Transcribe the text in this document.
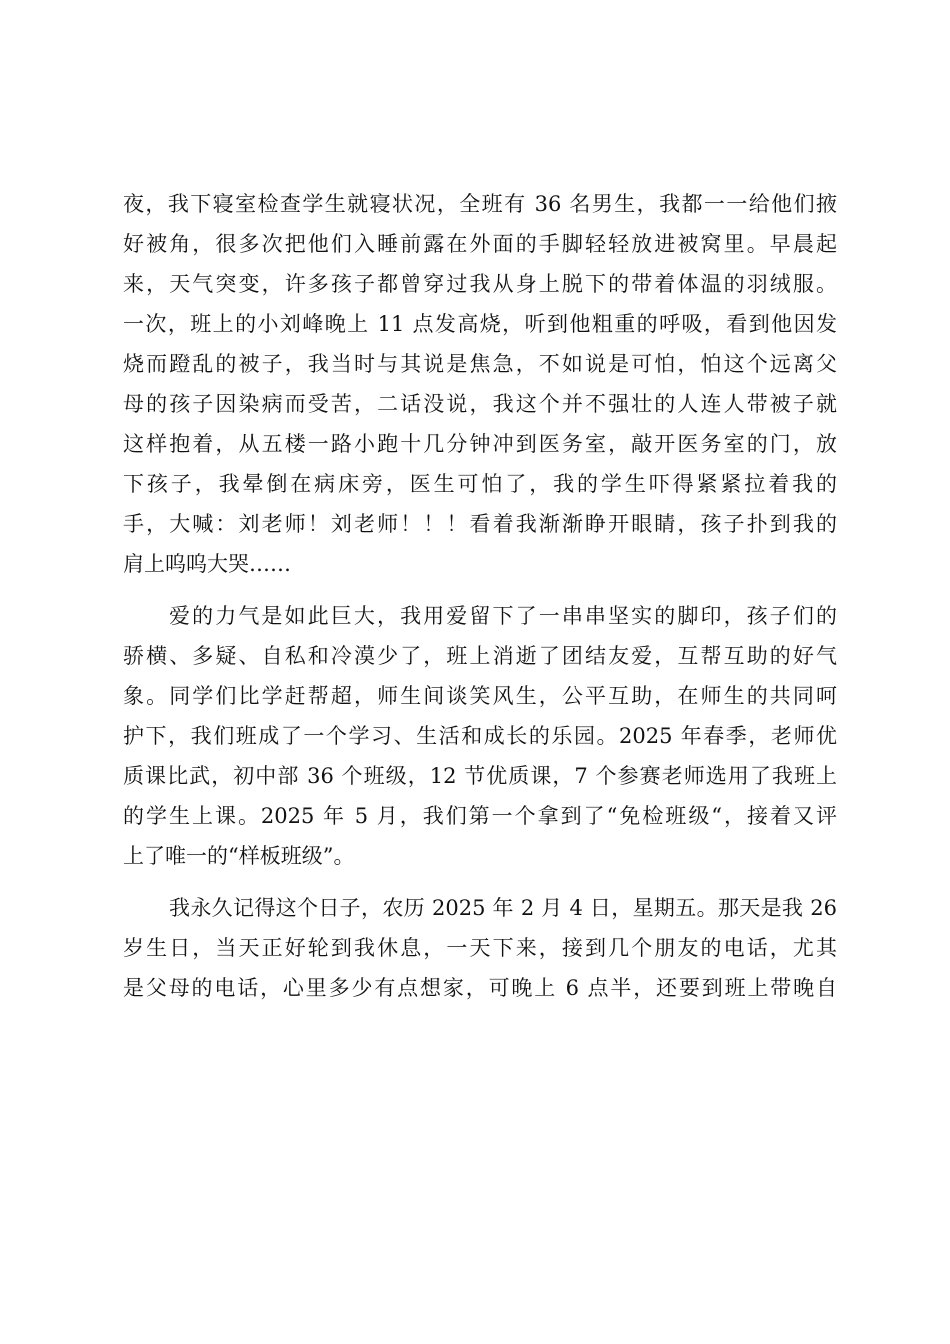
夜，我下寝室检查学生就寝状况，全班有 36 名男生，我都一一给他们掖
好被角，很多次把他们入睡前露在外面的手脚轻轻放进被窝里。早晨起
来，天气突变，许多孩子都曾穿过我从身上脱下的带着体温的羽绒服。
一次，班上的小刘峰晚上 11 点发高烧，听到他粗重的呼吸，看到他因发
烧而蹬乱的被子，我当时与其说是焦急，不如说是可怕，怕这个远离父
母的孩子因染病而受苦，二话没说，我这个并不强壮的人连人带被子就
这样抱着，从五楼一路小跑十几分钟冲到医务室，敲开医务室的门，放
下孩子，我晕倒在病床旁，医生可怕了，我的学生吓得紧紧拉着我的
手，大喊：刘老师！刘老师！！！看着我渐渐睁开眼睛，孩子扑到我的
肩上呜呜大哭……
爱的力气是如此巨大，我用爱留下了一串串坚实的脚印，孩子们的
骄横、多疑、自私和冷漠少了，班上消逝了团结友爱，互帮互助的好气
象。同学们比学赶帮超，师生间谈笑风生，公平互助，在师生的共同呵
护下，我们班成了一个学习、生活和成长的乐园。2025 年春季，老师优
质课比武，初中部 36 个班级，12 节优质课，7 个参赛老师选用了我班上
的学生上课。2025 年 5 月，我们第一个拿到了“免检班级“，接着又评
上了唯一的“样板班级”。
我永久记得这个日子，农历 2025 年 2 月 4 日，星期五。那天是我 26
岁生日，当天正好轮到我休息，一天下来，接到几个朋友的电话，尤其
是父母的电话，心里多少有点想家，可晚上 6 点半，还要到班上带晚自
